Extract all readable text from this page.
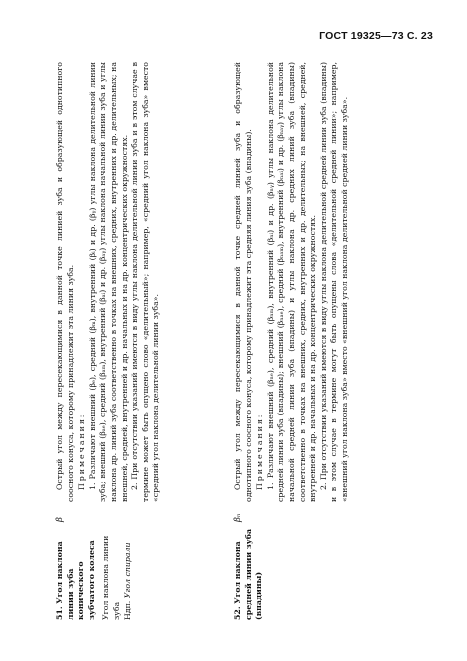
ГОСТ 19325—73 С. 23
51. Угол наклона линии зуба конического зубчатого колеса Угол наклона линии зуба Ндп. Угол спирали
β

Острый угол между пересекающимися в данной точке линией зуба и образующей однотипного соосного конуса, которому принадлежит эта линия зуба. Примечания: 1. Различают внешний (βₑ), средний (βₘ), внутренний (βᵢ) и др. (βᵧ) углы наклона делительной линии зуба; внешний (βₐₑ), средний (βₐₘ), внутренний (βₐᵢ) и др. (βₐᵧ) углы наклона начальной линии зуба и углы наклона др. линий зуба соответственно в точках на внешних, средних, внутренних и др. делительных; на внешней, средней, внутренней и др. начальных и на др. концентрических окружностях. 2. При отсутствии указаний имеются в виду углы наклона делительной линии зуба и в этом случае в термине может быть опущено слово «делительный»; например, «средний угол наклона зуба» вместо «средний угол наклона делительной линии зуба».

52. Угол наклона средней линии зуба (впадины)
βₙ

Острый угол между пересекающимися в данной точке средней линией зуба и образующей однотипного соосного конуса, которому принадлежит эта средняя линия зуба (впадины). Примечания: 1. Различают внешний (βₙₑ), средний (βₙₘ), внутренний (βₙᵢ) и др. (βₙᵧ) углы наклона делительной средней линии зуба (впадины); внешний (βₙₐₑ), средний (βₙₐₘ), внутренний (βₙₐᵢ) и др. (βₙₐᵧ) углы наклона начальной средней линии зуба (впадины) и углы наклона др. средних линий зуба (впадины) соответственно в точках на внешних, средних, внутренних и др. делительных; на внешней, средней, внутренней и др. начальных и на др. концентрических окружностях. 2. При отсутствии указаний имеются в виду углы наклона делительной средней линии зуба (впадины) и в этом случае в термине могут быть опущены слова «делительной средней линии»; например, «внешний угол наклона зуба» вместо «внешний угол наклона делительной средней линии зуба».
